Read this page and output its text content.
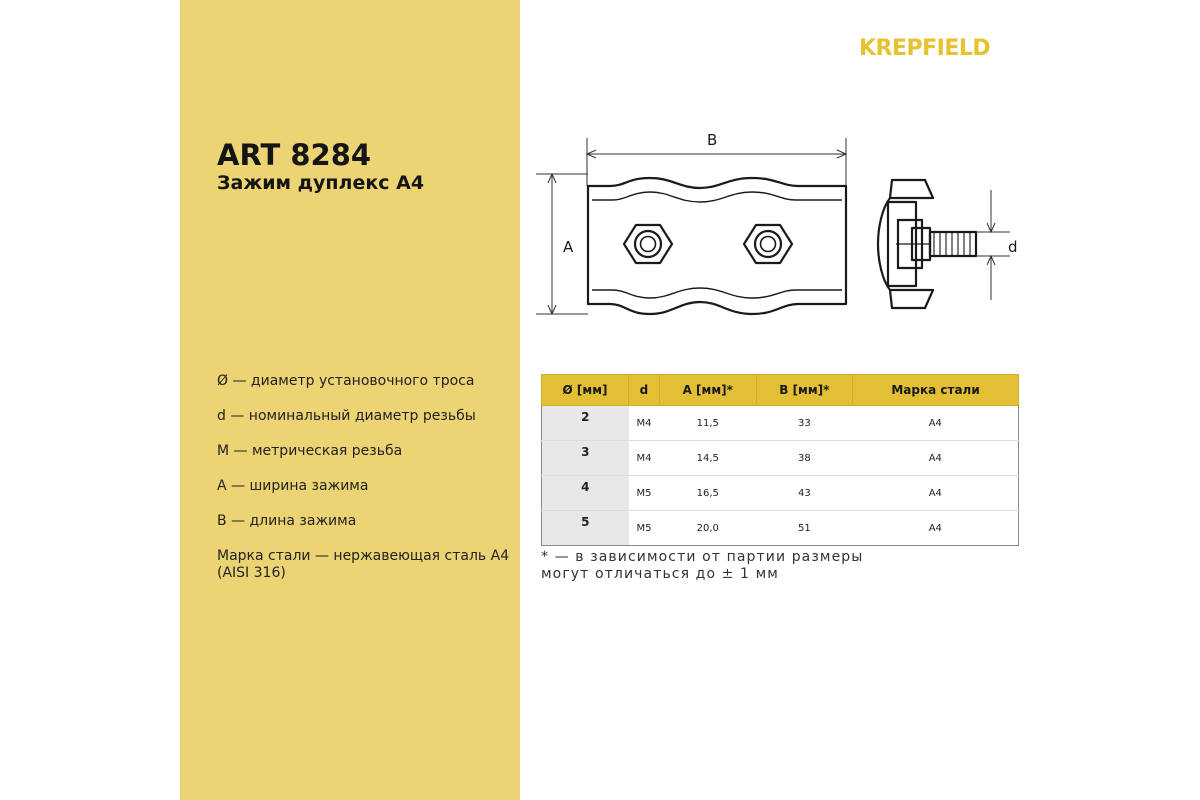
KREPFIELD
ART 8284
Зажим дуплекс А4
Ø — диаметр установочного троса
d — номинальный диаметр резьбы
М — метрическая резьба
А — ширина зажима
В — длина зажима
Марка стали — нержавеющая сталь А4 (AISI 316)
B
A	d
Ø [мм]	d	A [мм]*	B [мм]*	Марка стали
2	M4	11,5	33	A4
3	M4	14,5	38	A4
4	M5	16,5	43	A4
5	M5	20,0	51	A4
* — в зависимости от партии размеры
могут отличаться до ± 1 мм
